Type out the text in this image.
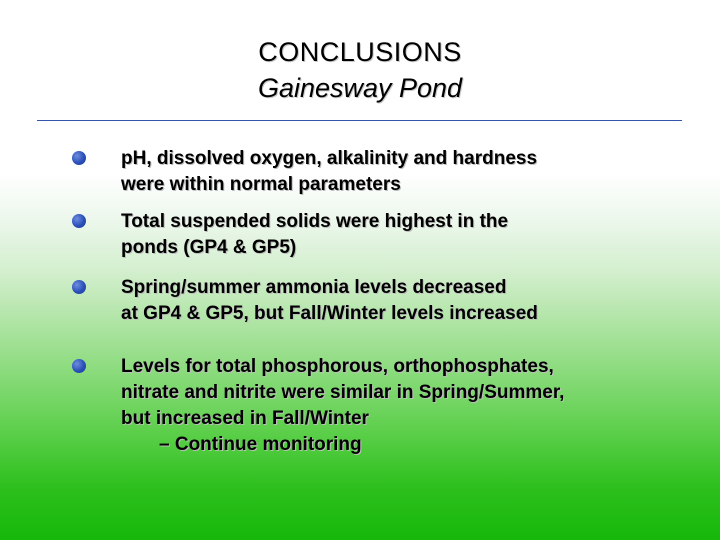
CONCLUSIONS
Gainesway Pond
pH, dissolved oxygen, alkalinity and hardness
were within normal parameters
Total suspended solids were highest in the
ponds (GP4 & GP5)
Spring/summer ammonia levels decreased
at GP4 & GP5, but Fall/Winter levels increased
Levels for total phosphorous, orthophosphates,
nitrate and nitrite were similar in Spring/Summer,
but increased in Fall/Winter
– Continue monitoring
